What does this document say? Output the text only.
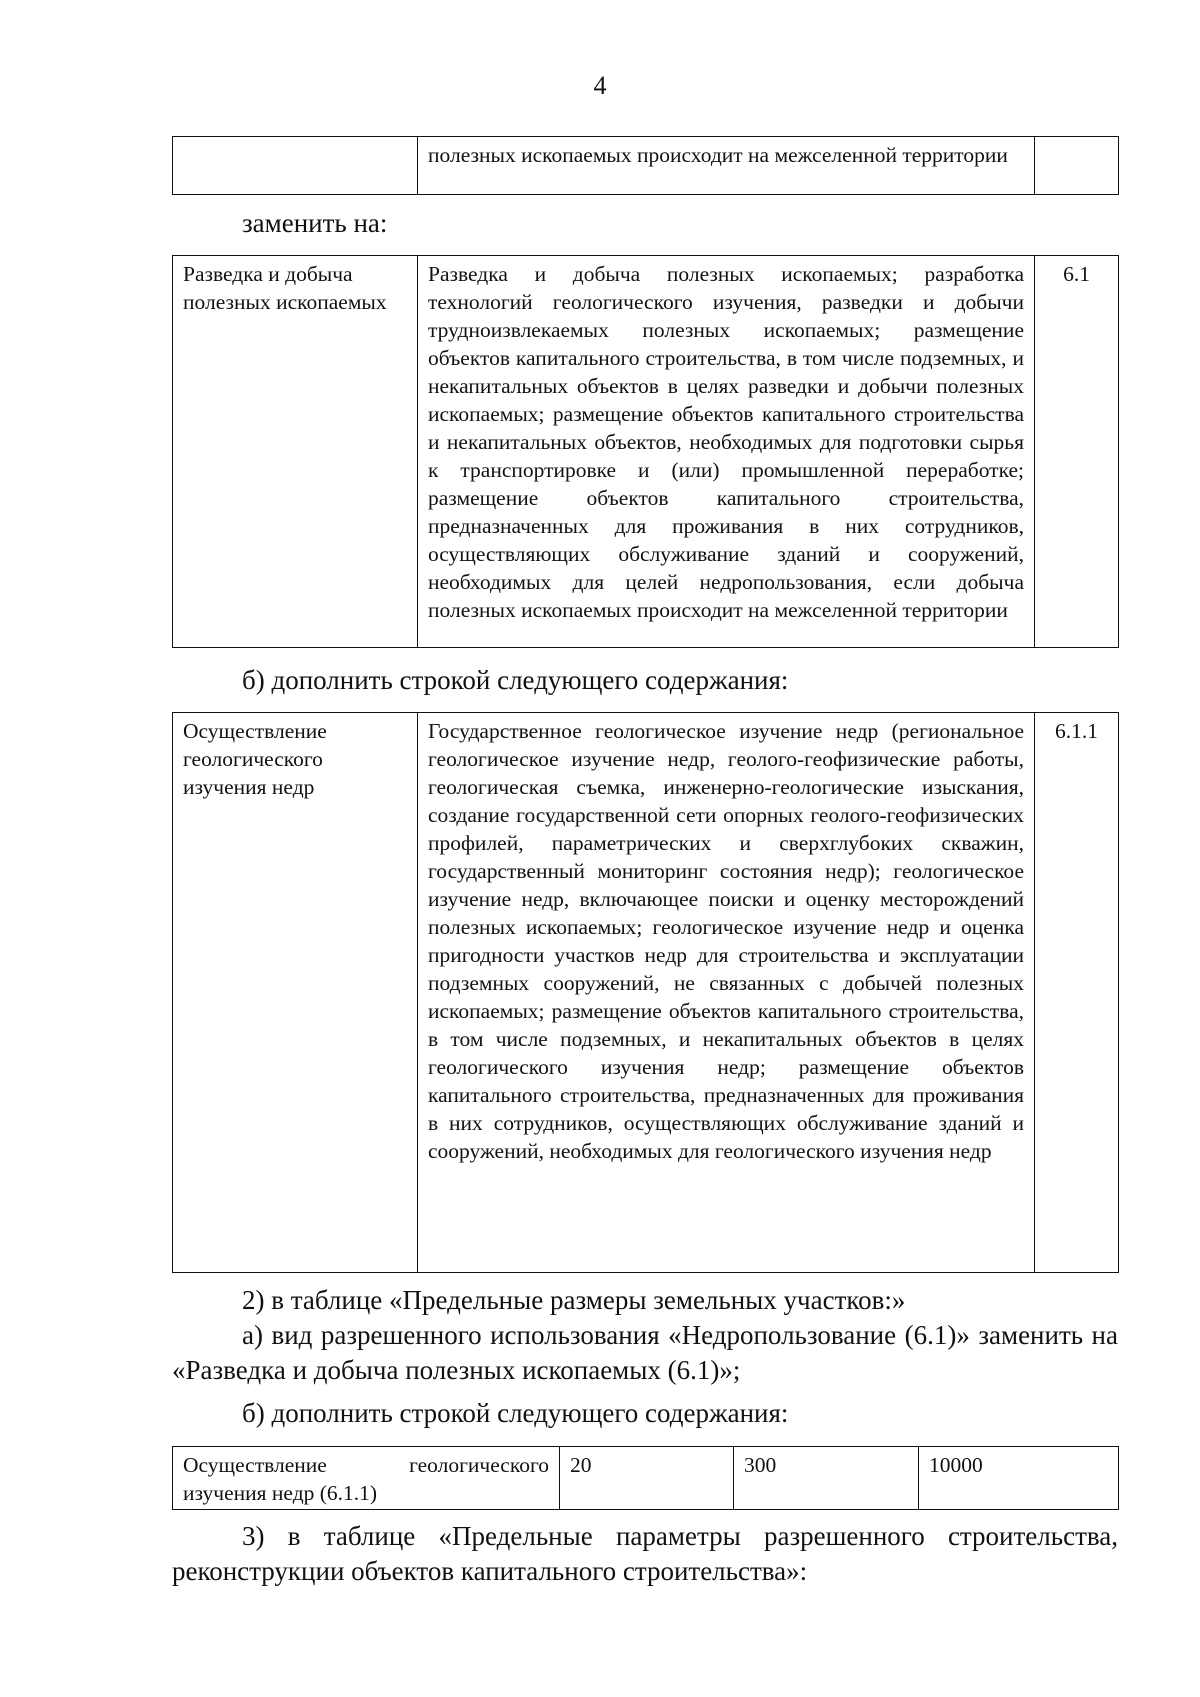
4
	полезных ископаемых происходит на межселенной территории	

заменить на:

Разведка и добыча полезных ископаемых	Разведка и добыча полезных ископаемых; разработка технологий геологического изучения, разведки и добычи трудноизвлекаемых полезных ископаемых; размещение объектов капитального строительства, в том числе подземных, и некапитальных объектов в целях разведки и добычи полезных ископаемых; размещение объектов капитального строительства и некапитальных объектов, необходимых для подготовки сырья к транспортировке и (или) промышленной переработке; размещение объектов капитального строительства, предназначенных для проживания в них сотрудников, осуществляющих обслуживание зданий и сооружений, необходимых для целей недропользования, если добыча полезных ископаемых происходит на межселенной территории	6.1

б) дополнить строкой следующего содержания:

Осуществление геологического изучения недр	Государственное геологическое изучение недр (региональное геологическое изучение недр, геолого-геофизические работы, геологическая съемка, инженерно-геологические изыскания, создание государственной сети опорных геолого-геофизических профилей, параметрических и сверхглубоких скважин, государственный мониторинг состояния недр); геологическое изучение недр, включающее поиски и оценку месторождений полезных ископаемых; геологическое изучение недр и оценка пригодности участков недр для строительства и эксплуатации подземных сооружений, не связанных с добычей полезных ископаемых; размещение объектов капитального строительства, в том числе подземных, и некапитальных объектов в целях геологического изучения недр; размещение объектов капитального строительства, предназначенных для проживания в них сотрудников, осуществляющих обслуживание зданий и сооружений, необходимых для геологического изучения недр	6.1.1

2) в таблице «Предельные размеры земельных участков:»

а) вид разрешенного использования «Недропользование (6.1)» заменить на «Разведка и добыча полезных ископаемых (6.1)»;

б) дополнить строкой следующего содержания:

Осуществление геологического изучения недр (6.1.1)	20	300	10000

3) в таблице «Предельные параметры разрешенного строительства, реконструкции объектов капитального строительства»:
